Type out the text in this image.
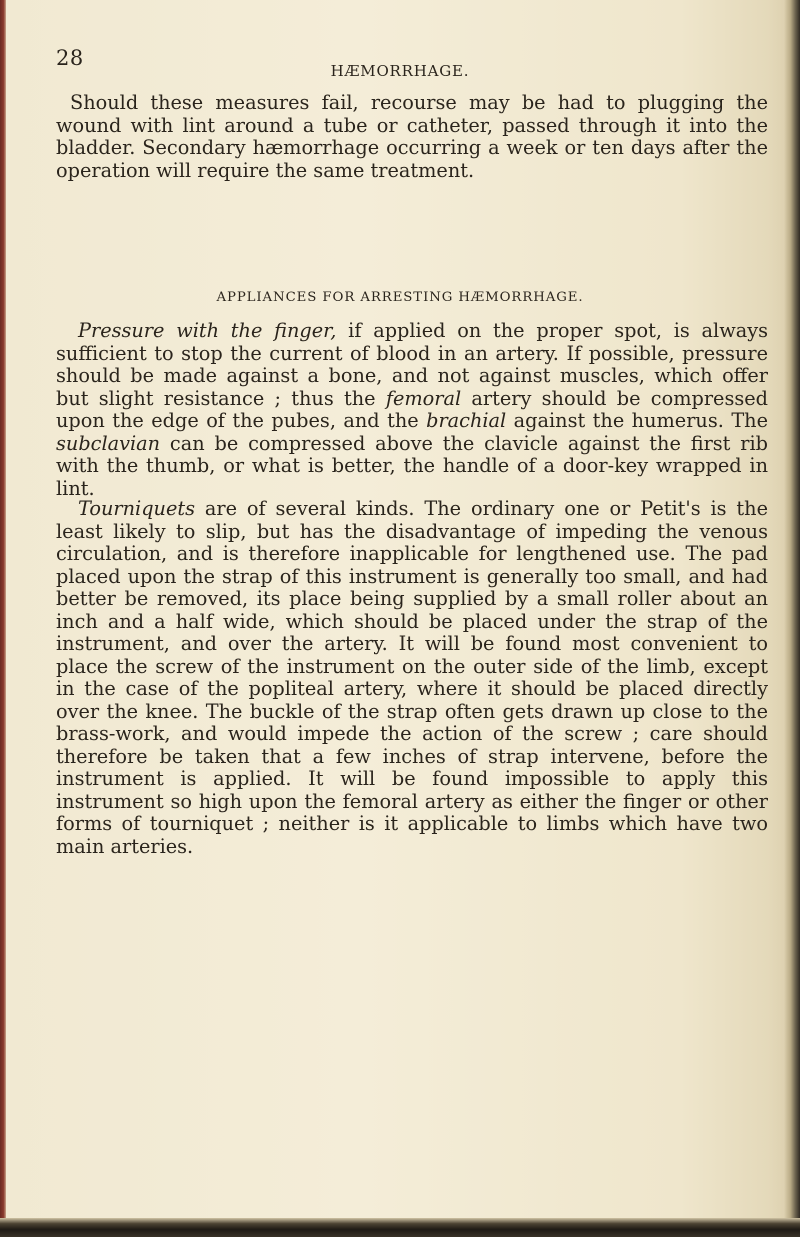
28
HÆMORRHAGE.

Should these measures fail, recourse may be had to plugging the wound with lint around a tube or catheter, passed through it into the bladder. Secondary hæmorrhage occurring a week or ten days after the operation will require the same treatment.

APPLIANCES FOR ARRESTING HÆMORRHAGE.

Pressure with the finger, if applied on the proper spot, is always sufficient to stop the current of blood in an artery. If possible, pressure should be made against a bone, and not against muscles, which offer but slight resistance ; thus the femoral artery should be compressed upon the edge of the pubes, and the brachial against the humerus. The subclavian can be compressed above the clavicle against the first rib with the thumb, or what is better, the handle of a door-key wrapped in lint.

Tourniquets are of several kinds. The ordinary one or Petit's is the least likely to slip, but has the disadvantage of impeding the venous circulation, and is therefore inapplicable for lengthened use. The pad placed upon the strap of this instrument is generally too small, and had better be removed, its place being supplied by a small roller about an inch and a half wide, which should be placed under the strap of the instrument, and over the artery. It will be found most convenient to place the screw of the instrument on the outer side of the limb, except in the case of the popliteal artery, where it should be placed directly over the knee. The buckle of the strap often gets drawn up close to the brass-work, and would impede the action of the screw ; care should therefore be taken that a few inches of strap intervene, before the instrument is applied. It will be found impossible to apply this instrument so high upon the femoral artery as either the finger or other forms of tourniquet ; neither is it applicable to limbs which have two main arteries.
